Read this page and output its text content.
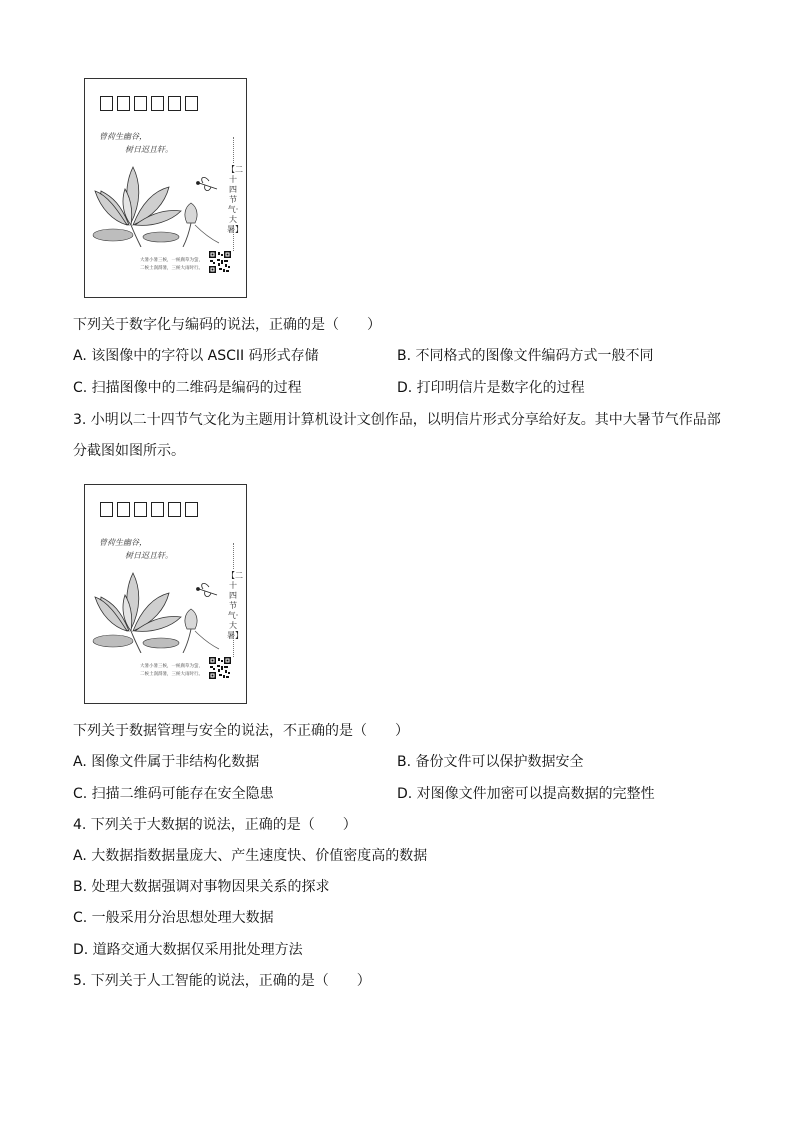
曾荷生幽谷，
树日迟且轩。
【二十四节气·大暑】
大暑小暑三候，一候腐草为萤，
二候土润溽暑，三候大雨时行。
下列关于数字化与编码的说法，正确的是（　　）
A. 该图像中的字符以 ASCII 码形式存储	B. 不同格式的图像文件编码方式一般不同
C. 扫描图像中的二维码是编码的过程	D. 打印明信片是数字化的过程
3. 小明以二十四节气文化为主题用计算机设计文创作品，以明信片形式分享给好友。其中大暑节气作品部
分截图如图所示。
曾荷生幽谷，
树日迟且轩。
【二十四节气·大暑】
大暑小暑三候，一候腐草为萤，
二候土润溽暑，三候大雨时行。
下列关于数据管理与安全的说法，不正确的是（　　）
A. 图像文件属于非结构化数据	B. 备份文件可以保护数据安全
C. 扫描二维码可能存在安全隐患	D. 对图像文件加密可以提高数据的完整性
4. 下列关于大数据的说法，正确的是（　　）
A. 大数据指数据量庞大、产生速度快、价值密度高的数据
B. 处理大数据强调对事物因果关系的探求
C. 一般采用分治思想处理大数据
D. 道路交通大数据仅采用批处理方法
5. 下列关于人工智能的说法，正确的是（　　）
